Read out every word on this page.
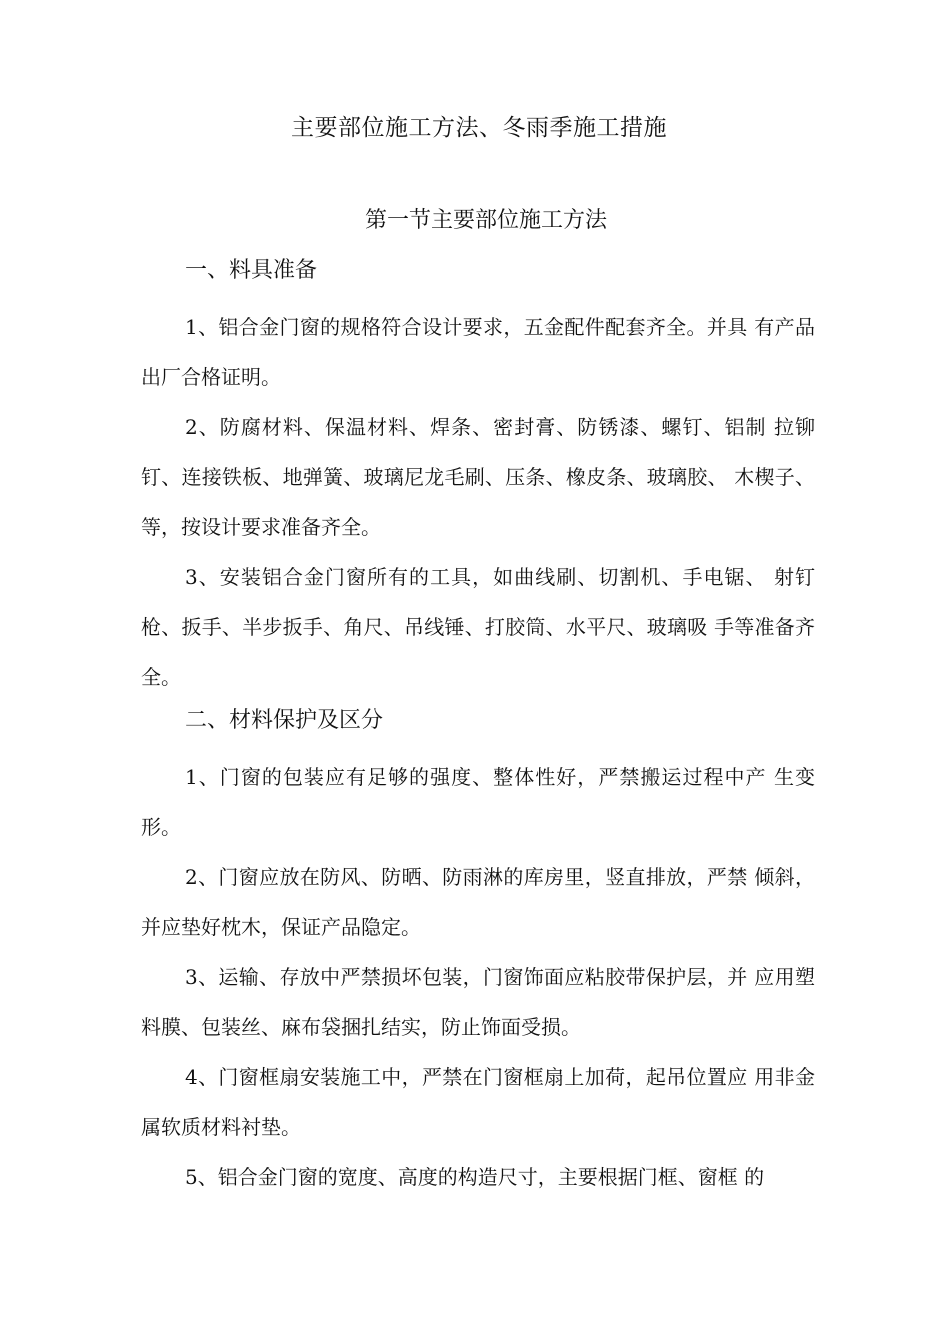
主要部位施工方法、冬雨季施工措施
第一节主要部位施工方法
一、料具准备

1、铝合金门窗的规格符合设计要求，五金配件配套齐全。并具 有产品出厂合格证明。

2、防腐材料、保温材料、焊条、密封膏、防锈漆、螺钉、铝制 拉铆钉、连接铁板、地弹簧、玻璃尼龙毛刷、压条、橡皮条、玻璃胶、 木楔子、等，按设计要求准备齐全。

3、安装铝合金门窗所有的工具，如曲线刷、切割机、手电锯、 射钉枪、扳手、半步扳手、角尺、吊线锤、打胶筒、水平尺、玻璃吸 手等准备齐全。

二、材料保护及区分

1、门窗的包装应有足够的强度、整体性好，严禁搬运过程中产 生变形。

2、门窗应放在防风、防晒、防雨淋的库房里，竖直排放，严禁 倾斜，并应垫好枕木，保证产品隐定。

3、运输、存放中严禁损坏包装，门窗饰面应粘胶带保护层，并 应用塑料膜、包装丝、麻布袋捆扎结实，防止饰面受损。

4、门窗框扇安装施工中，严禁在门窗框扇上加荷，起吊位置应 用非金属软质材料衬垫。

5、铝合金门窗的宽度、高度的构造尺寸，主要根据门框、窗框 的
